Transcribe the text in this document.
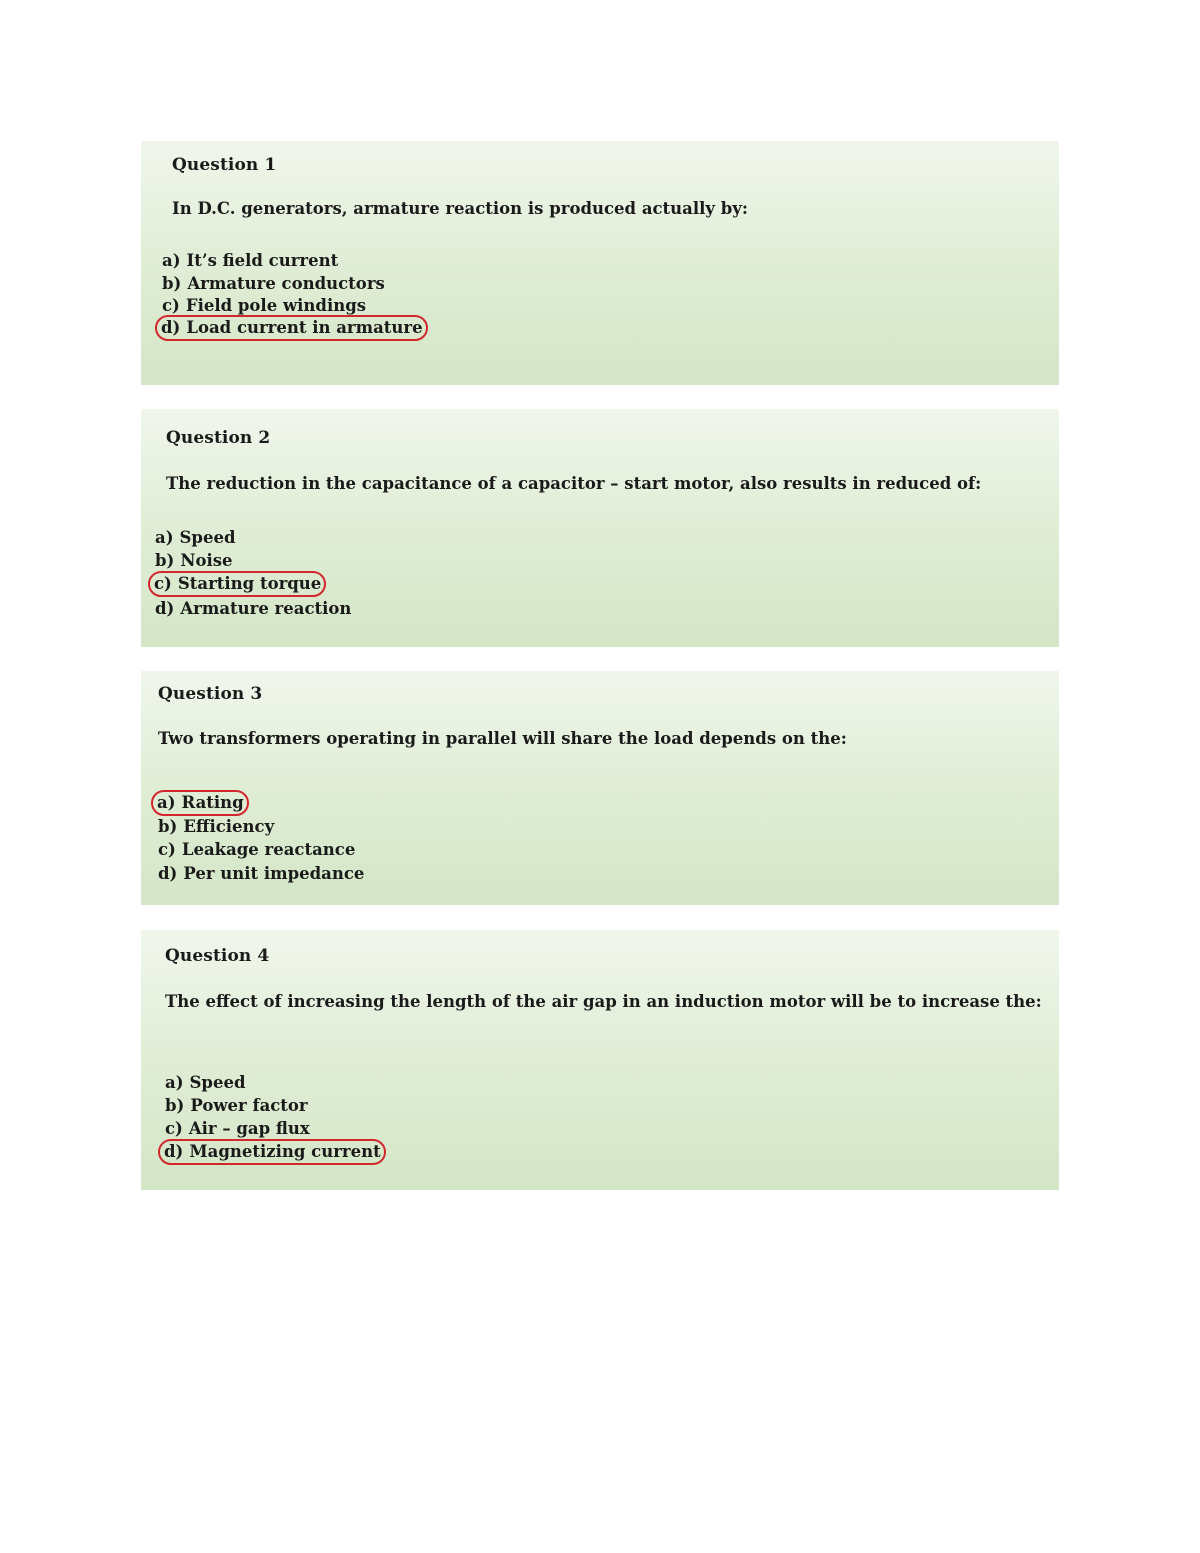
Question 1
In D.C. generators, armature reaction is produced actually by:
a) It’s field current
b) Armature conductors
c) Field pole windings
d) Load current in armature
Question 2
The reduction in the capacitance of a capacitor – start motor, also results in reduced of:
a) Speed
b) Noise
c) Starting torque
d) Armature reaction
Question 3
Two transformers operating in parallel will share the load depends on the:
a) Rating
b) Efficiency
c) Leakage reactance
d) Per unit impedance
Question 4
The effect of increasing the length of the air gap in an induction motor will be to increase the:
a) Speed
b) Power factor
c) Air – gap flux
d) Magnetizing current
